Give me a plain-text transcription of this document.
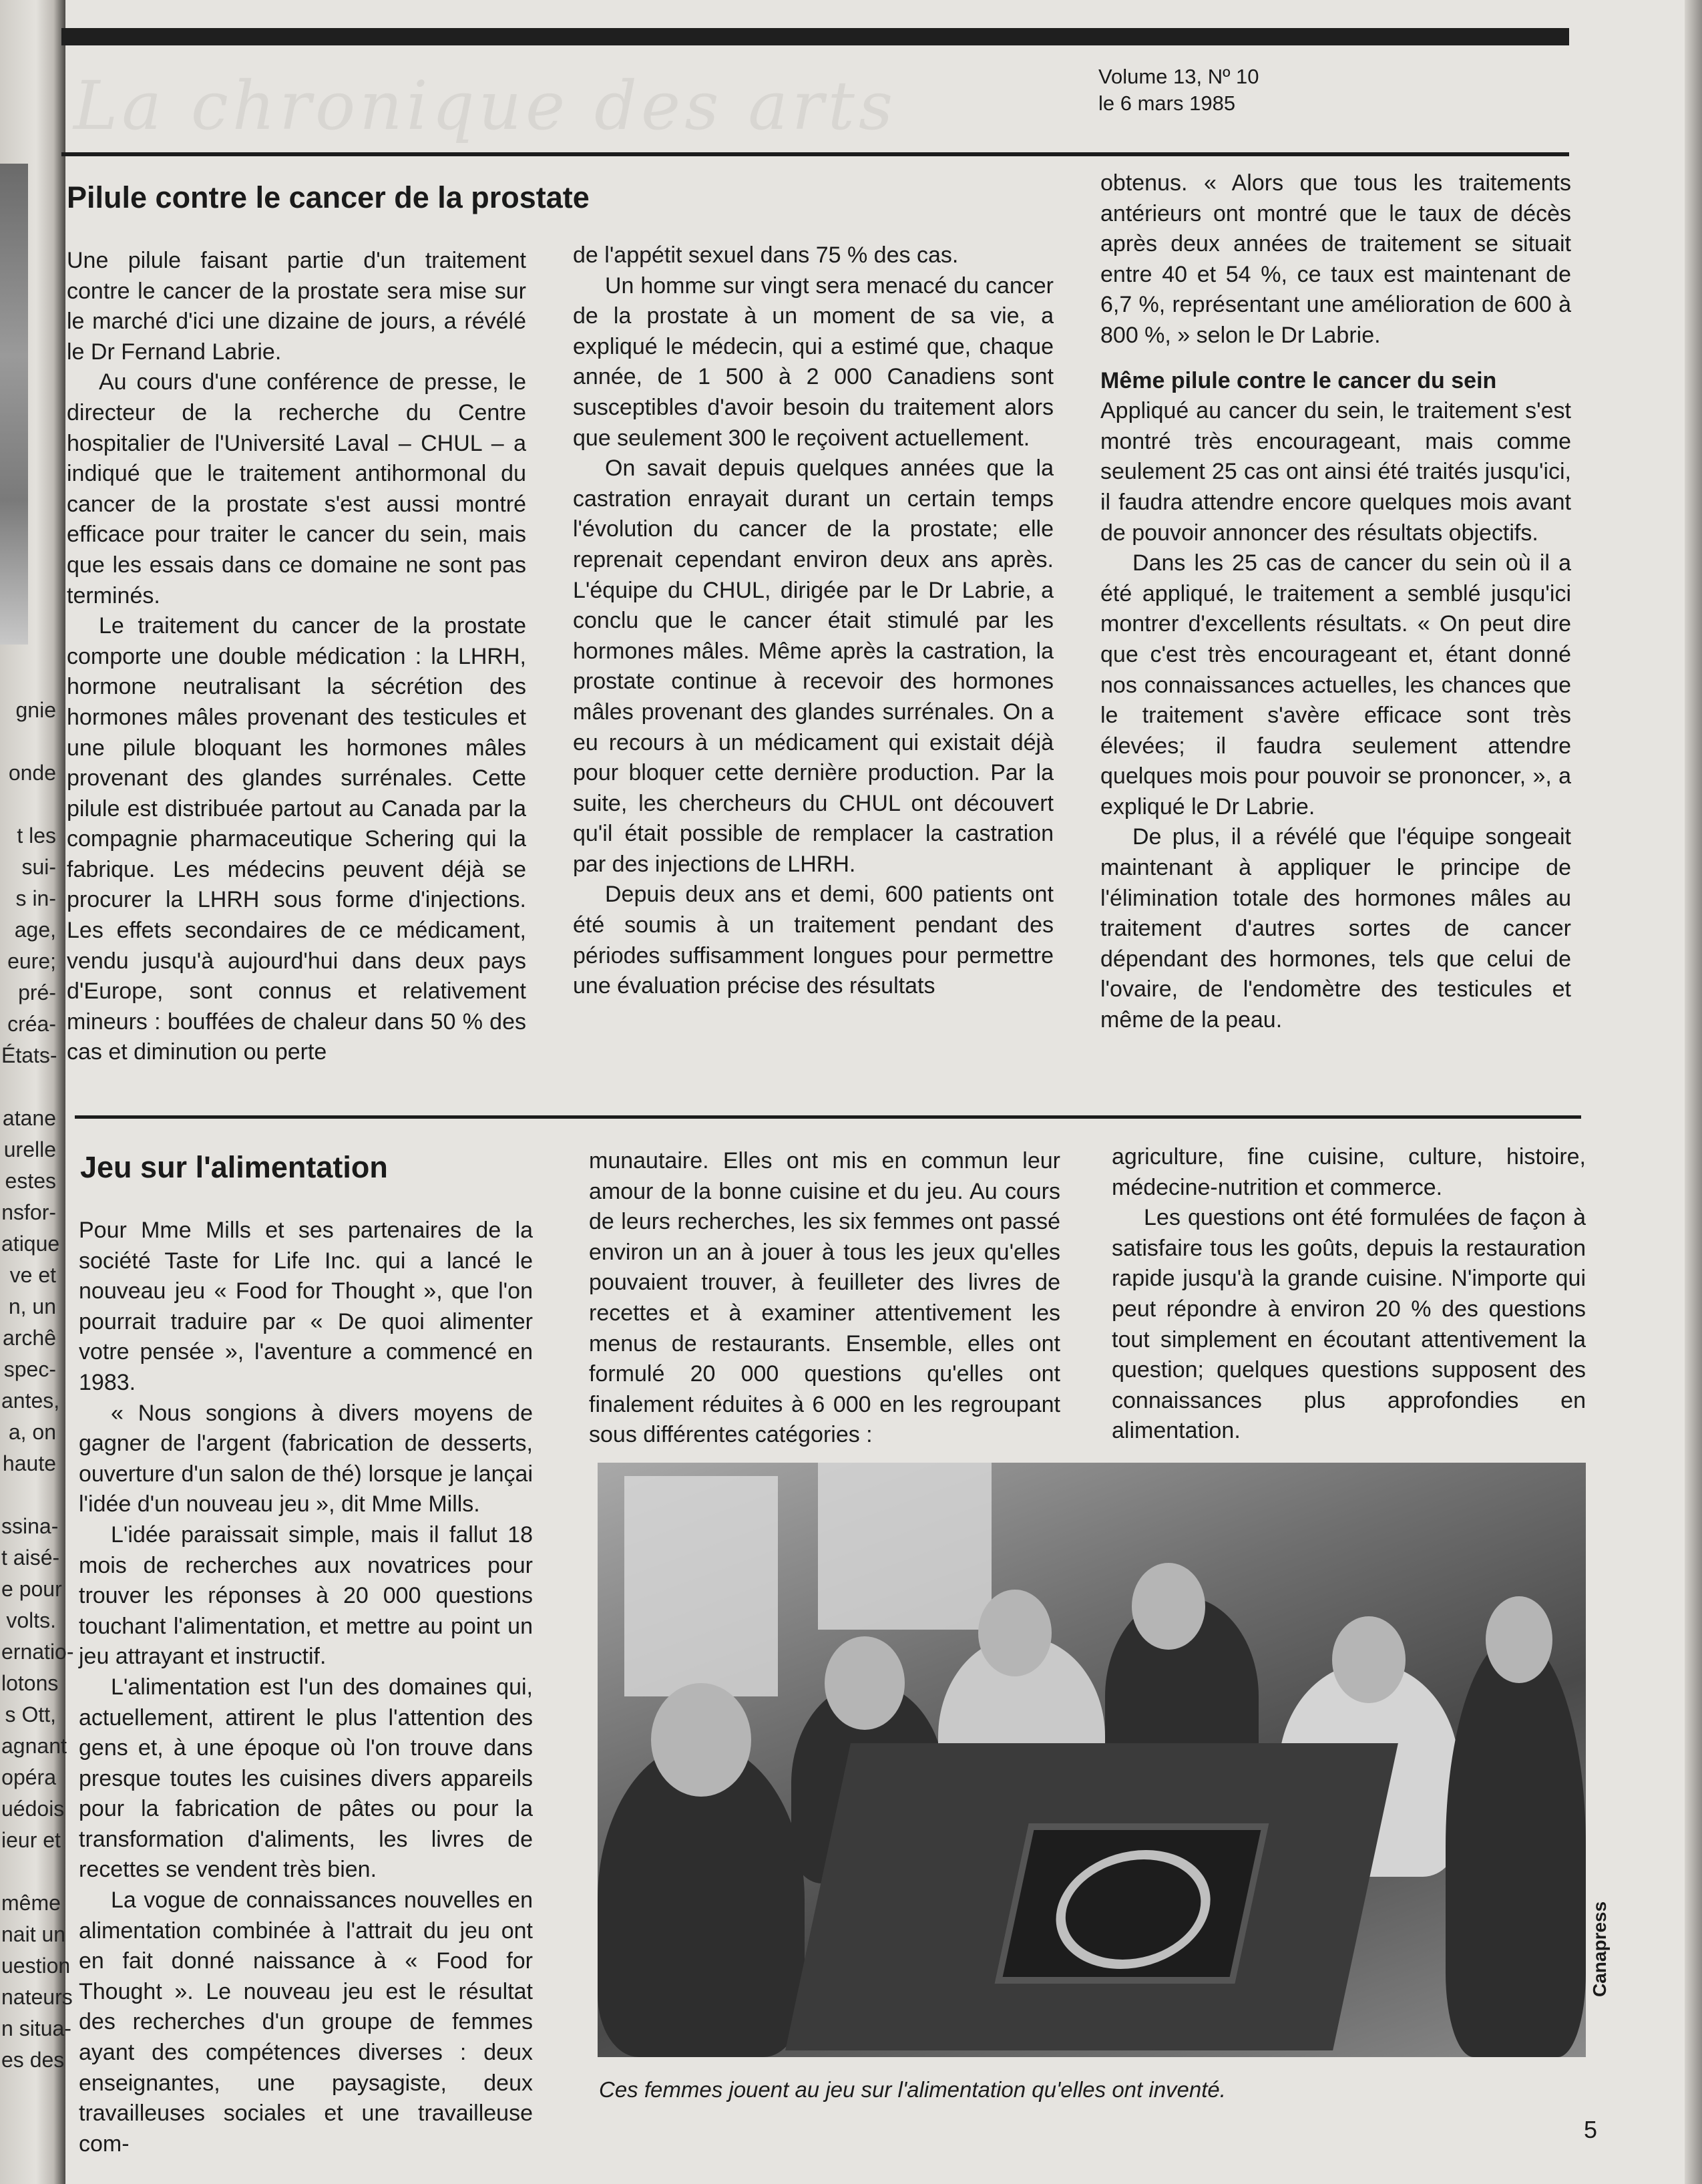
gnie
onde
t les
sui-
s in-
age,
eure;
pré-
créa-
États-
atane
urelle
estes
nsfor-
atique
ve et
n, un
archê
spec-
antes,
a, on
haute
ssina-
t aisé-
e pour
volts.
ernatio-
lotons
s Ott,
agnant
opéra
uédois
ieur et
même
nait un
uestion
nateurs
n situa-
es des
La chronique des arts	Volume 13, Nº 10
le 6 mars 1985
Pilule contre le cancer de la prostate

Une pilule faisant partie d'un traitement contre le cancer de la prostate sera mise sur le marché d'ici une dizaine de jours, a révélé le Dr Fernand Labrie.

Au cours d'une conférence de presse, le directeur de la recherche du Centre hospitalier de l'Université Laval – CHUL – a indiqué que le traitement antihormonal du cancer de la prostate s'est aussi montré efficace pour traiter le cancer du sein, mais que les essais dans ce domaine ne sont pas terminés.

Le traitement du cancer de la prostate comporte une double médication : la LHRH, hormone neutralisant la sécrétion des hormones mâles provenant des testicules et une pilule bloquant les hormones mâles provenant des glandes surrénales. Cette pilule est distribuée partout au Canada par la compagnie pharmaceutique Schering qui la fabrique. Les médecins peuvent déjà se procurer la LHRH sous forme d'injections. Les effets secondaires de ce médicament, vendu jusqu'à aujourd'hui dans deux pays d'Europe, sont connus et relativement mineurs : bouffées de chaleur dans 50 % des cas et diminution ou perte

de l'appétit sexuel dans 75 % des cas.

Un homme sur vingt sera menacé du cancer de la prostate à un moment de sa vie, a expliqué le médecin, qui a estimé que, chaque année, de 1 500 à 2 000 Canadiens sont susceptibles d'avoir besoin du traitement alors que seulement 300 le reçoivent actuellement.

On savait depuis quelques années que la castration enrayait durant un certain temps l'évolution du cancer de la prostate; elle reprenait cependant environ deux ans après. L'équipe du CHUL, dirigée par le Dr Labrie, a conclu que le cancer était stimulé par les hormones mâles. Même après la castration, la prostate continue à recevoir des hormones mâles provenant des glandes surrénales. On a eu recours à un médicament qui existait déjà pour bloquer cette dernière production. Par la suite, les chercheurs du CHUL ont découvert qu'il était possible de remplacer la castration par des injections de LHRH.

Depuis deux ans et demi, 600 patients ont été soumis à un traitement pendant des périodes suffisamment longues pour permettre une évaluation précise des résultats

obtenus. « Alors que tous les traitements antérieurs ont montré que le taux de décès après deux années de traitement se situait entre 40 et 54 %, ce taux est maintenant de 6,7 %, représentant une amélioration de 600 à 800 %, » selon le Dr Labrie.

Même pilule contre le cancer du sein

Appliqué au cancer du sein, le traitement s'est montré très encourageant, mais comme seulement 25 cas ont ainsi été traités jusqu'ici, il faudra attendre encore quelques mois avant de pouvoir annoncer des résultats objectifs.

Dans les 25 cas de cancer du sein où il a été appliqué, le traitement a semblé jusqu'ici montrer d'excellents résultats. « On peut dire que c'est très encourageant et, étant donné nos connaissances actuelles, les chances que le traitement s'avère efficace sont très élevées; il faudra seulement attendre quelques mois pour pouvoir se prononcer, », a expliqué le Dr Labrie.

De plus, il a révélé que l'équipe songeait maintenant à appliquer le principe de l'élimination totale des hormones mâles au traitement d'autres sortes de cancer dépendant des hormones, tels que celui de l'ovaire, de l'endomètre des testicules et même de la peau.

Jeu sur l'alimentation

Pour Mme Mills et ses partenaires de la société Taste for Life Inc. qui a lancé le nouveau jeu « Food for Thought », que l'on pourrait traduire par « De quoi alimenter votre pensée », l'aventure a commencé en 1983.

« Nous songions à divers moyens de gagner de l'argent (fabrication de desserts, ouverture d'un salon de thé) lorsque je lançai l'idée d'un nouveau jeu », dit Mme Mills.

L'idée paraissait simple, mais il fallut 18 mois de recherches aux novatrices pour trouver les réponses à 20 000 questions touchant l'alimentation, et mettre au point un jeu attrayant et instructif.

L'alimentation est l'un des domaines qui, actuellement, attirent le plus l'attention des gens et, à une époque où l'on trouve dans presque toutes les cuisines divers appareils pour la fabrication de pâtes ou pour la transformation d'aliments, les livres de recettes se vendent très bien.

La vogue de connaissances nouvelles en alimentation combinée à l'attrait du jeu ont en fait donné naissance à « Food for Thought ». Le nouveau jeu est le résultat des recherches d'un groupe de femmes ayant des compétences diverses : deux enseignantes, une paysagiste, deux travailleuses sociales et une travailleuse com-

munautaire. Elles ont mis en commun leur amour de la bonne cuisine et du jeu. Au cours de leurs recherches, les six femmes ont passé environ un an à jouer à tous les jeux qu'elles pouvaient trouver, à feuilleter des livres de recettes et à examiner attentivement les menus de restaurants. Ensemble, elles ont formulé 20 000 questions qu'elles ont finalement réduites à 6 000 en les regroupant sous différentes catégories :

agriculture, fine cuisine, culture, histoire, médecine-nutrition et commerce.

Les questions ont été formulées de façon à satisfaire tous les goûts, depuis la restauration rapide jusqu'à la grande cuisine. N'importe qui peut répondre à environ 20 % des questions tout simplement en écoutant attentivement la question; quelques questions supposent des connaissances plus approfondies en alimentation.

Canapress
Ces femmes jouent au jeu sur l'alimentation qu'elles ont inventé.
5
